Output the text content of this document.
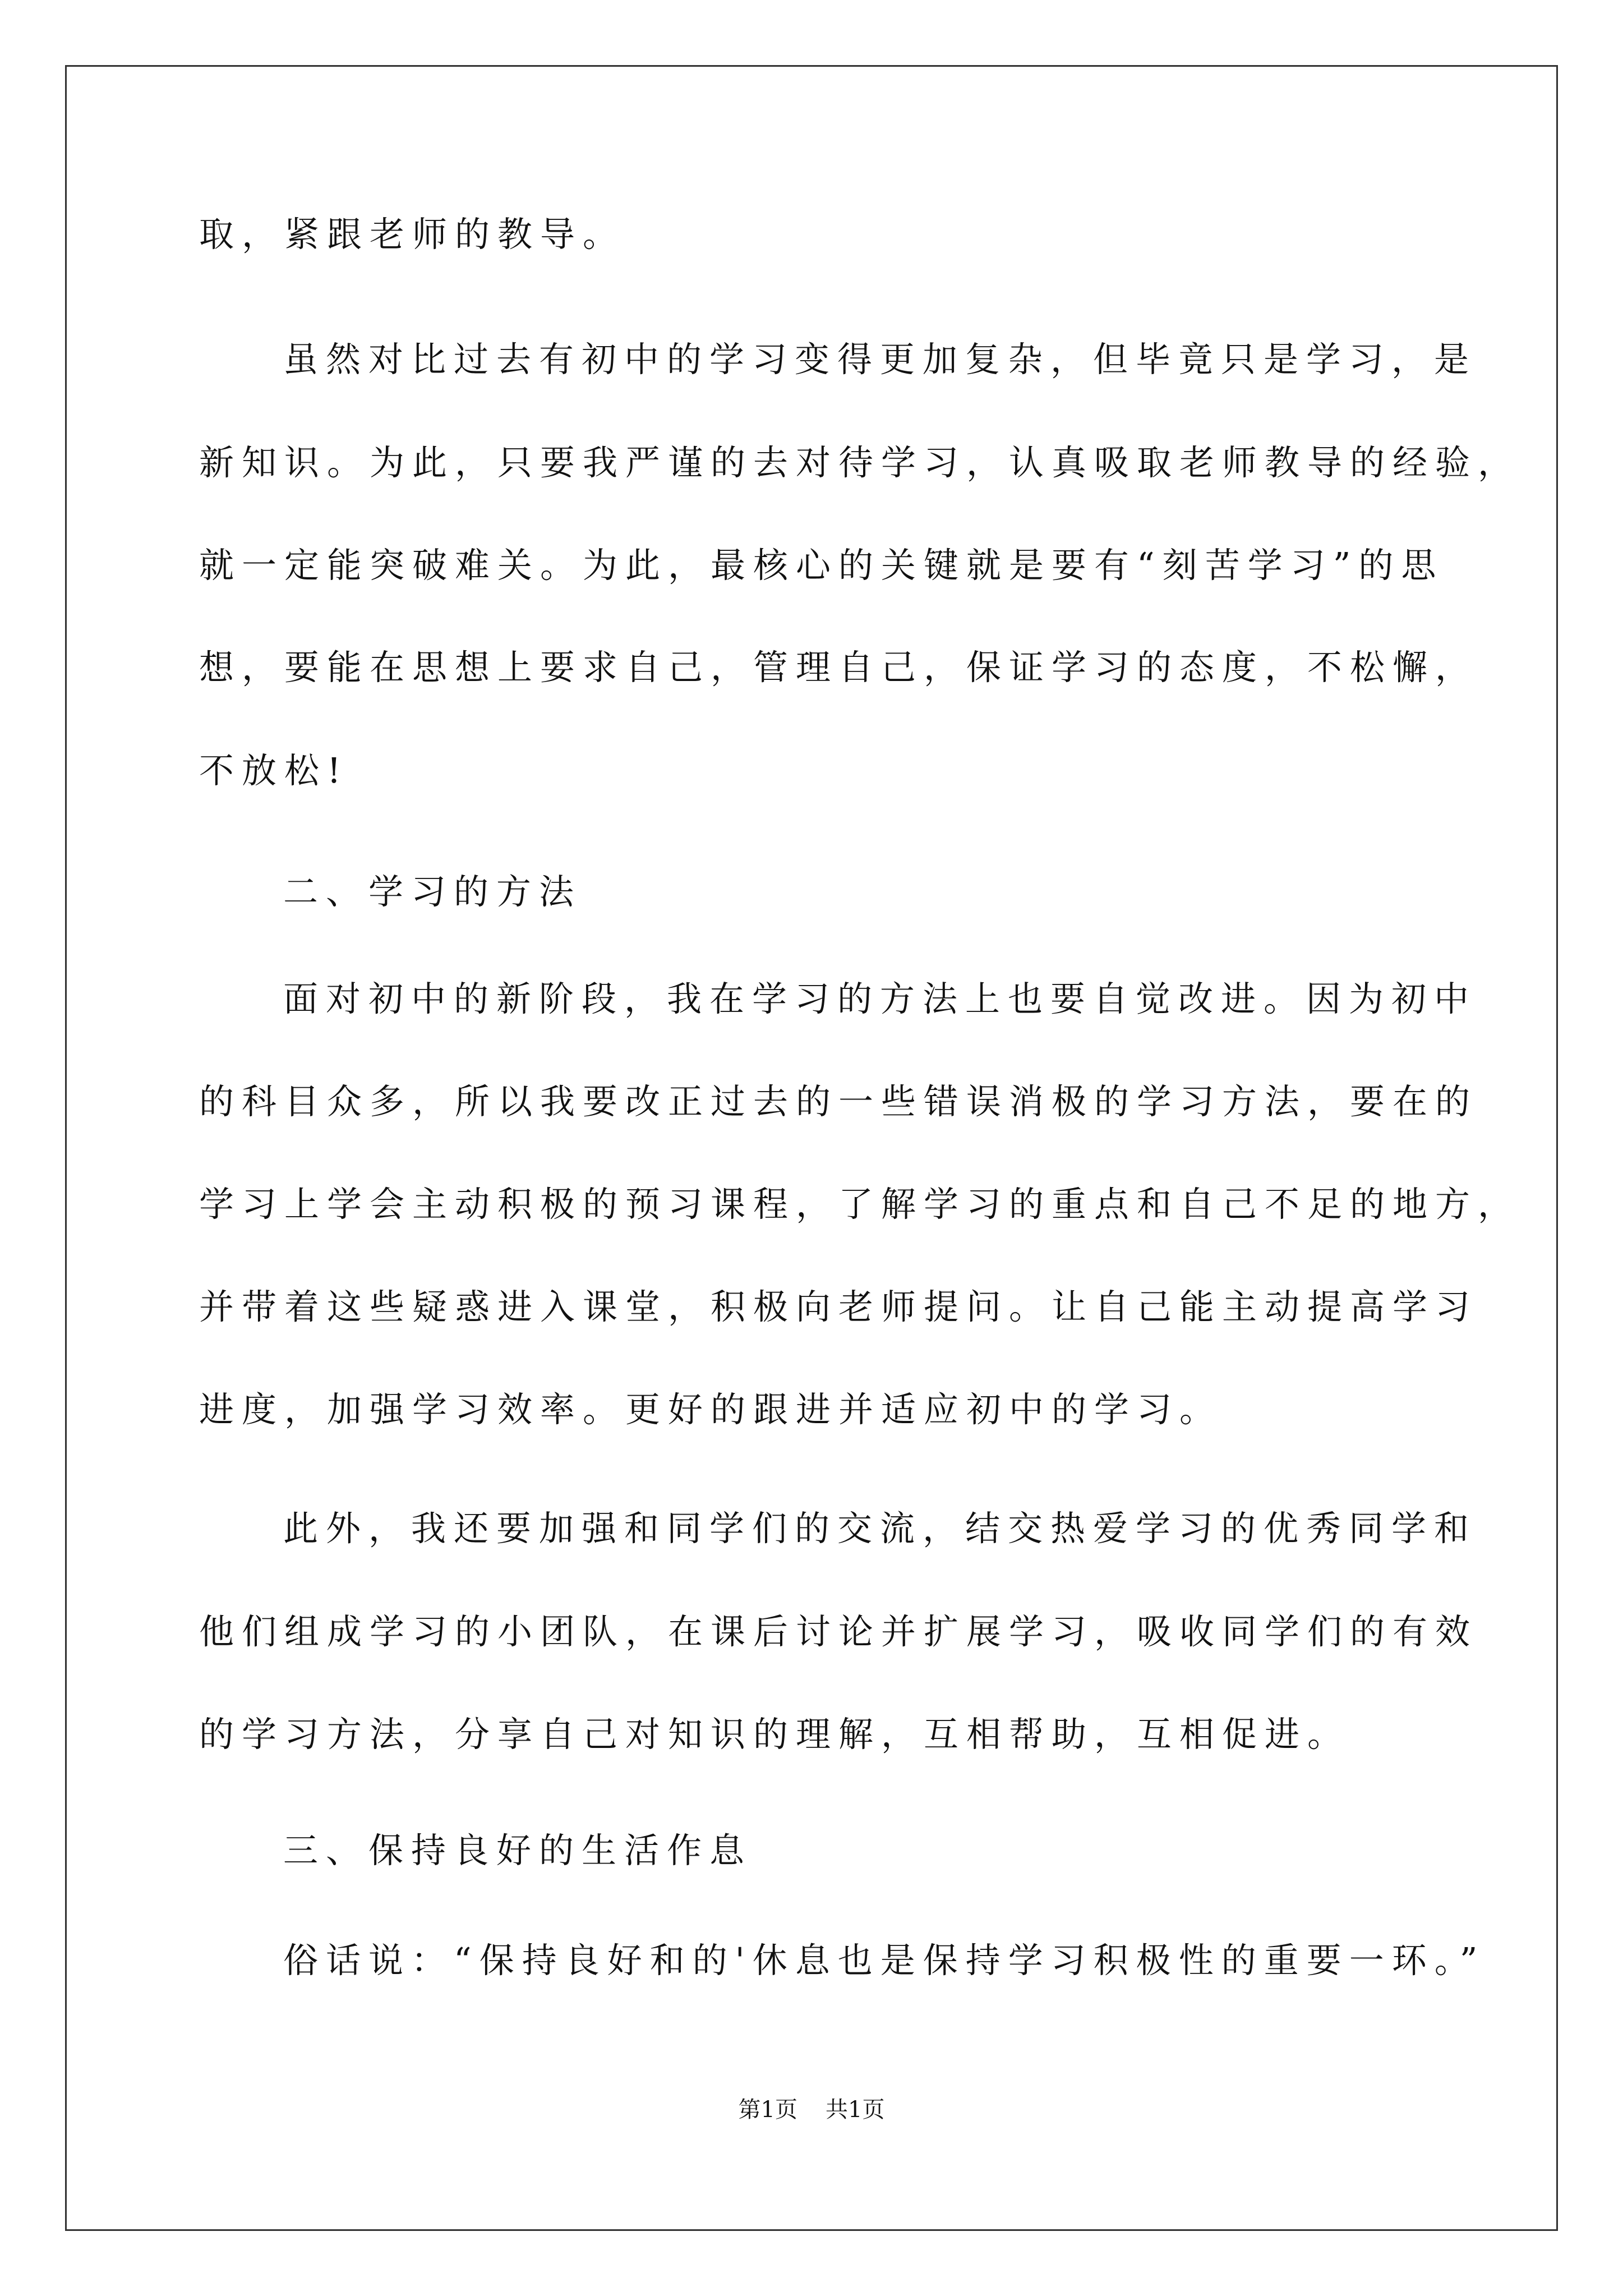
取，紧跟老师的教导。
虽然对比过去有初中的学习变得更加复杂，但毕竟只是学习，是
新知识。为此，只要我严谨的去对待学习，认真吸取老师教导的经验，
就一定能突破难关。为此，最核心的关键就是要有“刻苦学习”的思
想，要能在思想上要求自己，管理自己，保证学习的态度，不松懈，
不放松!
二、学习的方法
面对初中的新阶段，我在学习的方法上也要自觉改进。因为初中
的科目众多，所以我要改正过去的一些错误消极的学习方法，要在的
学习上学会主动积极的预习课程，了解学习的重点和自己不足的地方，
并带着这些疑惑进入课堂，积极向老师提问。让自己能主动提高学习
进度，加强学习效率。更好的跟进并适应初中的学习。
此外，我还要加强和同学们的交流，结交热爱学习的优秀同学和
他们组成学习的小团队，在课后讨论并扩展学习，吸收同学们的有效
的学习方法，分享自己对知识的理解，互相帮助，互相促进。
三、保持良好的生活作息
俗话说：“保持良好和的'休息也是保持学习积极性的重要一环。”
第1页 共1页
